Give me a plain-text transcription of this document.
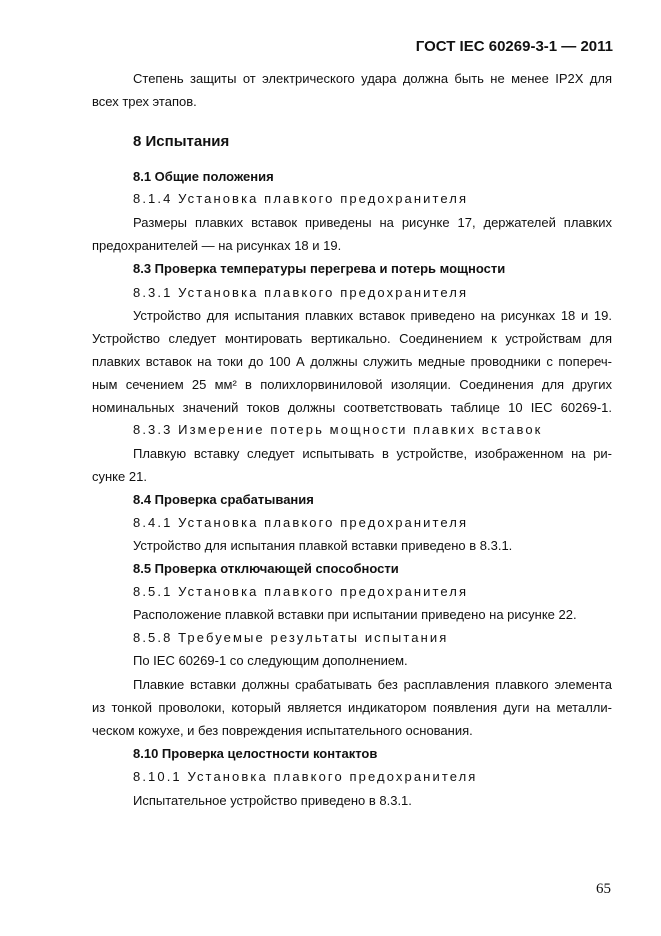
ГОСТ IEC 60269-3-1 — 2011
Степень защиты от электрического удара должна быть не менее IP2X для
всех трех этапов.
8 Испытания
8.1 Общие положения
8.1.4 Установка плавкого предохранителя
Размеры плавких вставок приведены на рисунке 17, держателей плавких
предохранителей — на рисунках 18 и 19.
8.3 Проверка температуры перегрева и потерь мощности
8.3.1 Установка плавкого предохранителя
Устройство для испытания плавких вставок приведено на рисунках 18 и 19.
Устройство следует монтировать вертикально. Соединением к устройствам для
плавких вставок на токи до 100 А должны служить медные проводники с попереч-
ным сечением 25 мм² в полихлорвиниловой изоляции. Соединения для других
номинальных значений токов должны соответствовать таблице 10 IEC 60269-1.
8.3.3 Измерение потерь мощности плавких вставок
Плавкую вставку следует испытывать в устройстве, изображенном на ри-
сунке 21.
8.4 Проверка срабатывания
8.4.1 Установка плавкого предохранителя
Устройство для испытания плавкой вставки приведено в 8.3.1.
8.5 Проверка отключающей способности
8.5.1 Установка плавкого предохранителя
Расположение плавкой вставки при испытании приведено на рисунке 22.
8.5.8 Требуемые результаты испытания
По IEC 60269-1 со следующим дополнением.
Плавкие вставки должны срабатывать без расплавления плавкого элемента
из тонкой проволоки, который является индикатором появления дуги на металли-
ческом кожухе, и без повреждения испытательного основания.
8.10 Проверка целостности контактов
8.10.1 Установка плавкого предохранителя
Испытательное устройство приведено в 8.3.1.
65
